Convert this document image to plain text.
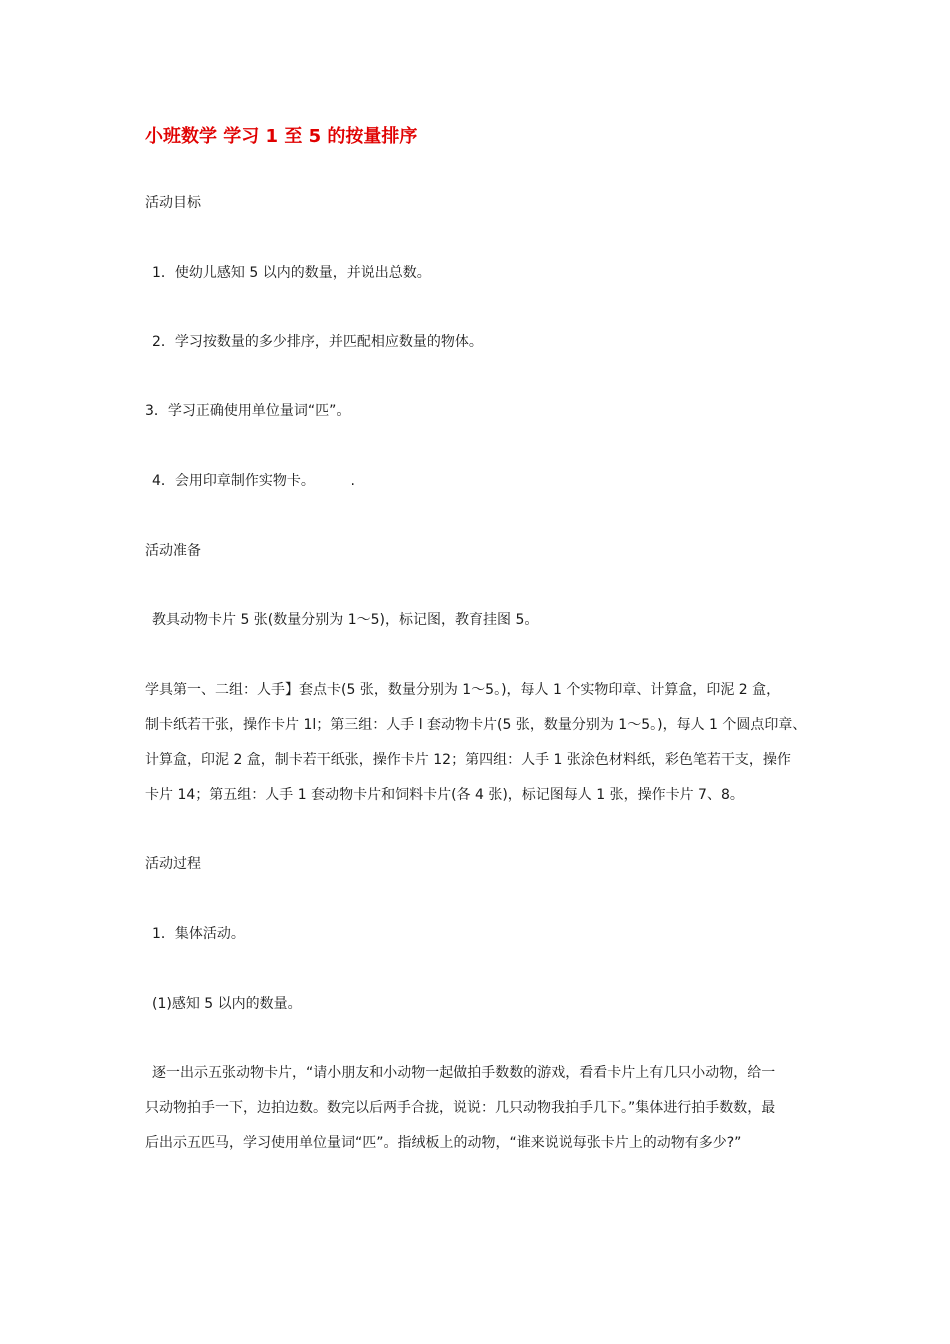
小班数学 学习 1 至 5 的按量排序
活动目标
1．使幼儿感知 5 以内的数量，并说出总数。
2．学习按数量的多少排序，并匹配相应数量的物体。
3．学习正确使用单位量词“匹”。
4．会用印章制作实物卡。        .
活动准备
教具动物卡片 5 张(数量分别为 1～5)，标记图，教育挂图 5。
学具第一、二组：人手】套点卡(5 张，数量分别为 1～5。)，每人 1 个实物印章、计算盒，印泥 2 盒，
制卡纸若干张，操作卡片 1l；第三组：人手 l 套动物卡片(5 张，数量分别为 1～5。)，每人 1 个圆点印章、
计算盒，印泥 2 盒，制卡若干纸张，操作卡片 12；第四组：人手 1 张涂色材料纸，彩色笔若干支，操作
卡片 14；第五组：人手 1 套动物卡片和饲料卡片(各 4 张)，标记图每人 1 张，操作卡片 7、8。
活动过程
1．集体活动。
(1)感知 5 以内的数量。
逐一出示五张动物卡片，“请小朋友和小动物一起做拍手数数的游戏，看看卡片上有几只小动物，给一
只动物拍手一下，边拍边数。数完以后两手合拢，说说：几只动物我拍手几下。”集体进行拍手数数，最
后出示五匹马，学习使用单位量词“匹”。指绒板上的动物，“谁来说说每张卡片上的动物有多少?”
